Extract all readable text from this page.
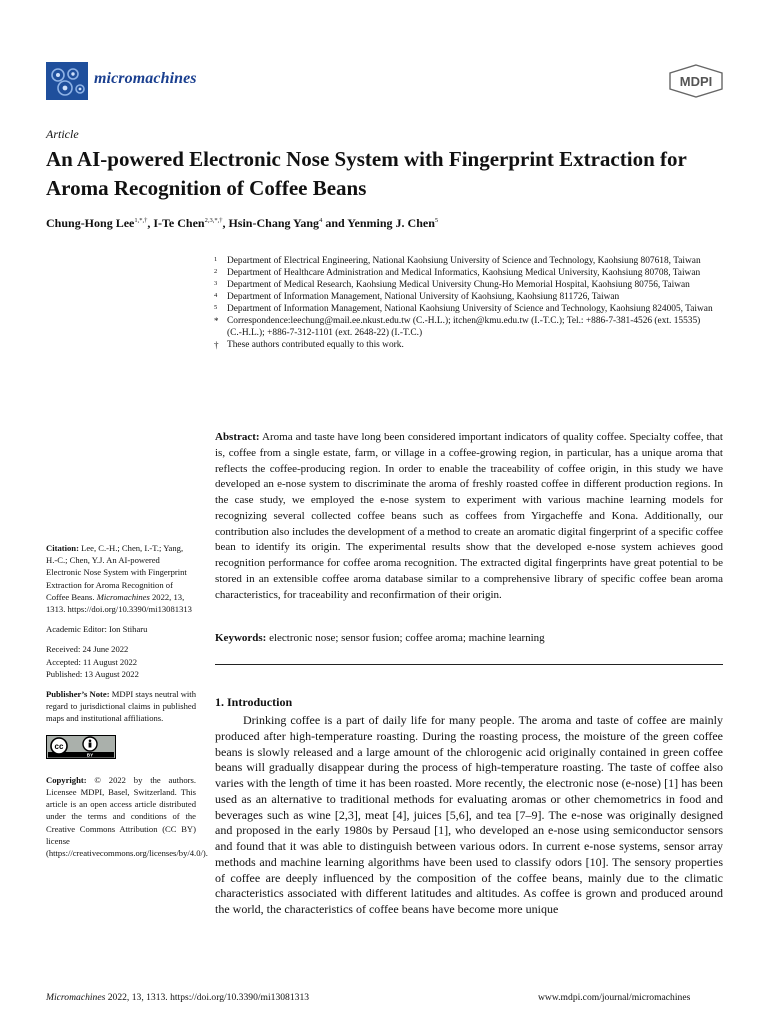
micromachines	MDPI
Article
An AI-powered Electronic Nose System with Fingerprint Extraction for Aroma Recognition of Coffee Beans
Chung-Hong Lee$^{1,*,\dagger}$, I-Te Chen$^{2,3,*,\dagger}$, Hsin-Chang Yang$^4$ and Yenming J. Chen$^5$
1 Department of Electrical Engineering, National Kaohsiung University of Science and Technology, Kaohsiung 807618, Taiwan
2 Department of Healthcare Administration and Medical Informatics, Kaohsiung Medical University, Kaohsiung 80708, Taiwan
3 Department of Medical Research, Kaohsiung Medical University Chung-Ho Memorial Hospital, Kaohsiung 80756, Taiwan
4 Department of Information Management, National University of Kaohsiung, Kaohsiung 811726, Taiwan
5 Department of Information Management, National Kaohsiung University of Science and Technology, Kaohsiung 824005, Taiwan
* Correspondence:leechung@mail.ee.nkust.edu.tw (C.-H.L.); itchen@kmu.edu.tw (I.-T.C.); Tel.: +886-7-381-4526 (ext. 15535) (C.-H.L.); +886-7-312-1101 (ext. 2648-22) (I.-T.C.)
† These authors contributed equally to this work.
Abstract: Aroma and taste have long been considered important indicators of quality coffee. Specialty coffee, that is, coffee from a single estate, farm, or village in a coffee-growing region, in particular, has a unique aroma that reflects the coffee-producing region. In order to enable the traceability of coffee origin, in this study we have developed an e-nose system to discriminate the aroma of freshly roasted coffee in different production regions. In the case study, we employed the e-nose system to experiment with various machine learning models for recognizing several collected coffee beans such as coffees from Yirgacheffe and Kona. Additionally, our contribution also includes the development of a method to create an aromatic digital fingerprint of a specific coffee bean to identify its origin. The experimental results show that the developed e-nose system achieves good recognition performance for coffee aroma recognition. The extracted digital fingerprints have great potential to be stored in an extensible coffee aroma database similar to a comprehensive library of specific coffee bean aroma characteristics, for traceability and reconfirmation of their origin.
Keywords: electronic nose; sensor fusion; coffee aroma; machine learning
Citation: Lee, C.-H.; Chen, I.-T.; Yang, H.-C.; Chen, Y.J. An AI-powered Electronic Nose System with Fingerprint Extraction for Aroma Recognition of Coffee Beans. Micromachines 2022, 13, 1313. https://doi.org/10.3390/mi13081313
Academic Editor: Ion Stiharu

Received: 24 June 2022

Accepted: 11 August 2022

Published: 13 August 2022

Publisher’s Note: MDPI stays neutral with regard to jurisdictional claims in published maps and institutional affiliations.
cc
BY
Copyright: © 2022 by the authors. Licensee MDPI, Basel, Switzerland. This article is an open access article distributed under the terms and conditions of the Creative Commons Attribution (CC BY) license (https://creativecommons.org/licenses/by/4.0/).
1. Introduction
Drinking coffee is a part of daily life for many people. The aroma and taste of coffee are mainly produced after high-temperature roasting. During the roasting process, the moisture of the green coffee beans is slowly released and a large amount of the chlorogenic acid originally contained in green coffee beans will gradually disappear during the process of high-temperature roasting. The taste of coffee also varies with the length of time it has been roasted. More recently, the electronic nose (e-nose) [1] has been used as an alternative to traditional methods for evaluating aromas or other chemometrics in food and beverages such as wine [2,3], meat [4], juices [5,6], and tea [7–9]. The e-nose was originally designed and proposed in the early 1980s by Persaud [1], who developed an e-nose using semiconductor sensors and found that it was able to distinguish between various odors. In current e-nose systems, sensor array methods and machine learning algorithms have been used to classify odors [10]. The sensory properties of coffee are deeply influenced by the composition of the coffee beans, mainly due to the climatic characteristics associated with different latitudes and altitudes. As coffee is grown and produced around the world, the characteristics of coffee beans have become more unique
Micromachines 2022, 13, 1313. https://doi.org/10.3390/mi13081313	www.mdpi.com/journal/micromachines
